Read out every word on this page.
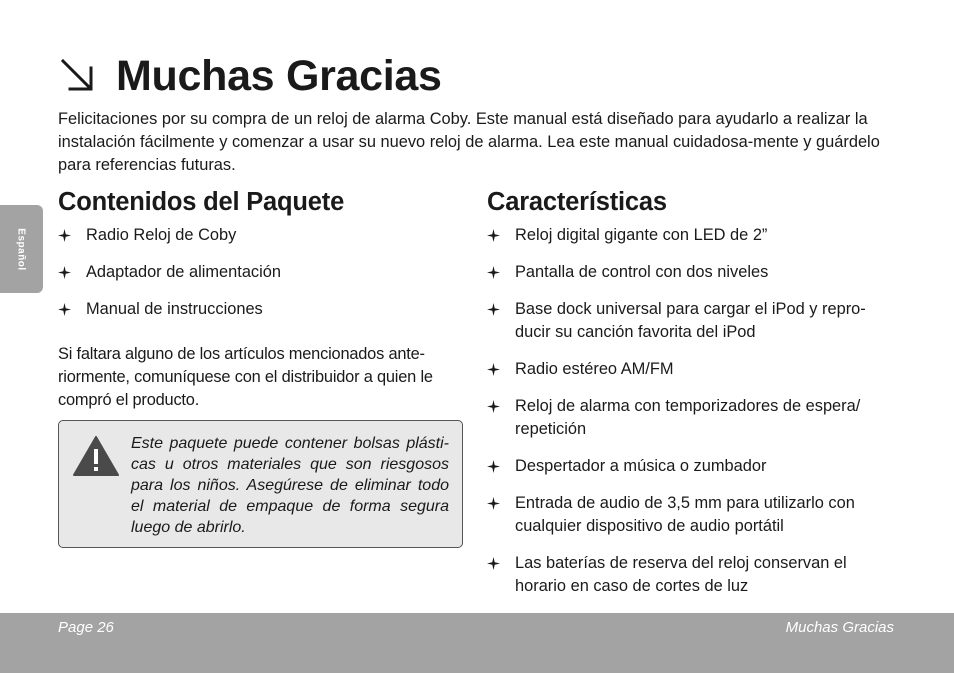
Español
Muchas Gracias

Felicitaciones por su compra de un reloj de alarma Coby. Este manual está diseñado para ayudarlo a realizar la instalación fácilmente y comenzar a usar su nuevo reloj de alarma. Lea este manual cuidadosa-mente y guárdelo para referencias futuras.

Contenidos del Paquete
Radio Reloj de Coby
Adaptador de alimentación
Manual de instrucciones

Si faltara alguno de los artículos mencionados ante-riormente, comuníquese con el distribuidor a quien le compró el producto.

Este paquete puede contener bolsas plásti-cas u otros materiales que son riesgosos para los niños. Asegúrese de eliminar todo el material de empaque de forma segura luego de abrirlo.

Características
Reloj digital gigante con LED de 2”
Pantalla de control con dos niveles
Base dock universal para cargar el iPod y repro-ducir su canción favorita del iPod
Radio estéreo AM/FM
Reloj de alarma con temporizadores de espera/ repetición
Despertador a música o zumbador
Entrada de audio de 3,5 mm para utilizarlo con cualquier dispositivo de audio portátil
Las baterías de reserva del reloj conservan el horario en caso de cortes de luz
Page 26	Muchas Gracias
